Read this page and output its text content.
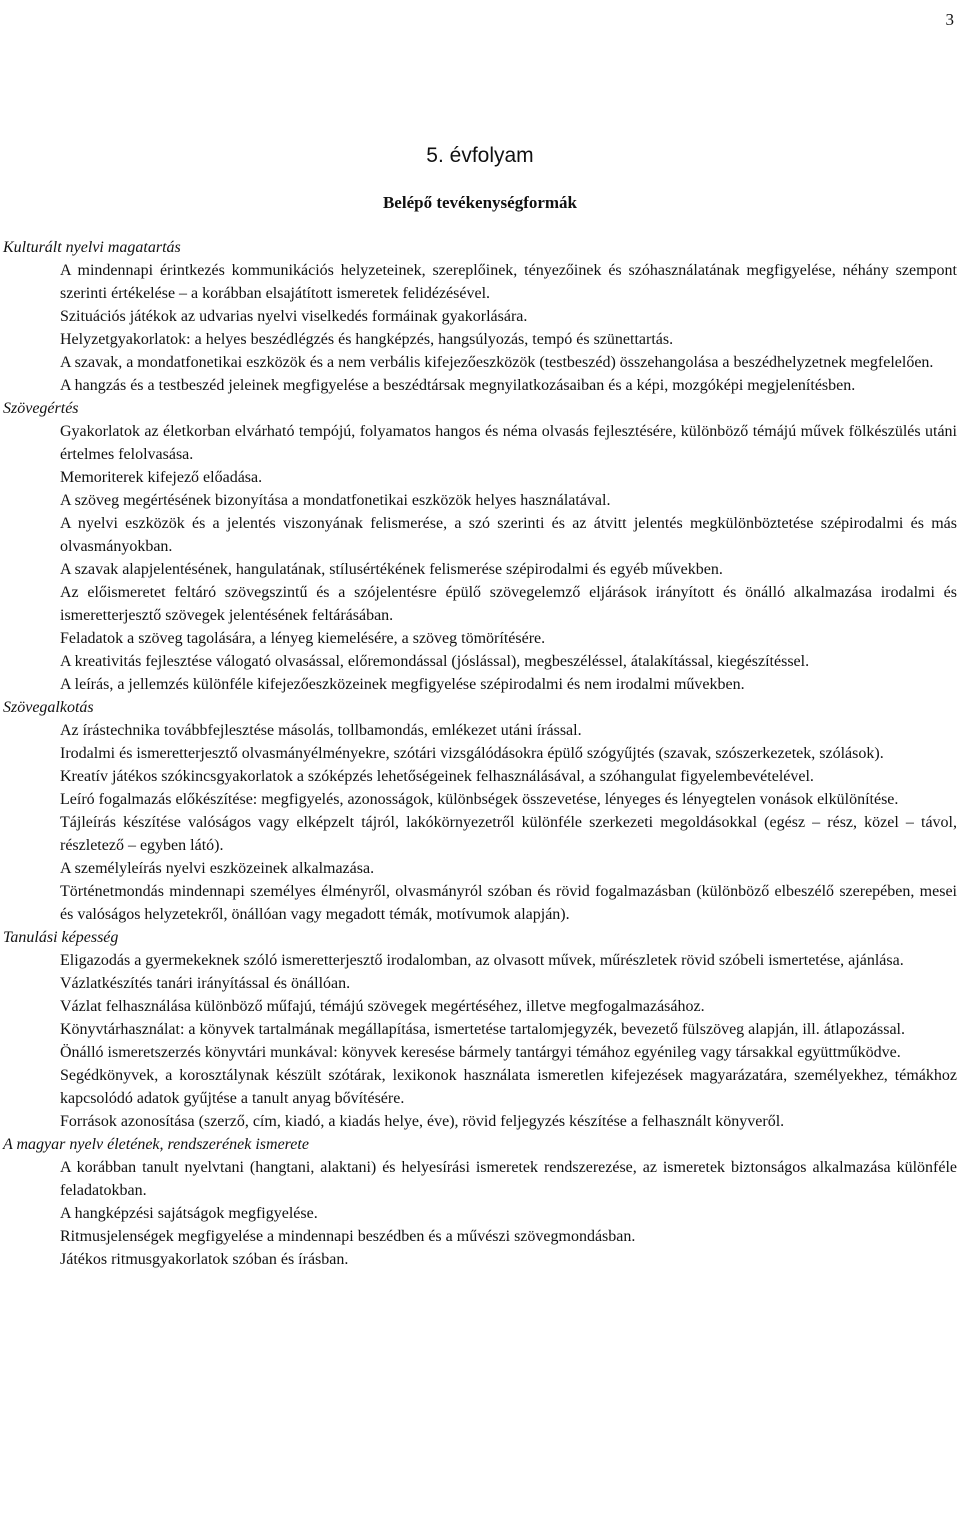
3
5. évfolyam
Belépő tevékenységformák
Kulturált nyelvi magatartás
A mindennapi érintkezés kommunikációs helyzeteinek, szereplőinek, tényezőinek és szóhasználatának megfigyelése, néhány szempont szerinti értékelése – a korábban elsajátított ismeretek felidézésével.
Szituációs játékok az udvarias nyelvi viselkedés formáinak gyakorlására.
Helyzetgyakorlatok: a helyes beszédlégzés és hangképzés, hangsúlyozás, tempó és szünettartás.
A szavak, a mondatfonetikai eszközök és a nem verbális kifejezőeszközök (testbeszéd) összehangolása a beszédhelyzetnek megfelelően.
A hangzás és a testbeszéd jeleinek megfigyelése a beszédtársak megnyilatkozásaiban és a képi, mozgóképi megjelenítésben.
Szövegértés
Gyakorlatok az életkorban elvárható tempójú, folyamatos hangos és néma olvasás fejlesztésére, különböző témájú művek fölkészülés utáni értelmes felolvasása.
Memoriterek kifejező előadása.
A szöveg megértésének bizonyítása a mondatfonetikai eszközök helyes használatával.
A nyelvi eszközök és a jelentés viszonyának felismerése, a szó szerinti és az átvitt jelentés megkülönböztetése szépirodalmi és más olvasmányokban.
A szavak alapjelentésének, hangulatának, stílusértékének felismerése szépirodalmi és egyéb művekben.
Az előismeretet feltáró szövegszintű és a szójelentésre épülő szövegelemző eljárások irányított és önálló alkalmazása irodalmi és ismeretterjesztő szövegek jelentésének feltárásában.
Feladatok a szöveg tagolására, a lényeg kiemelésére, a szöveg tömörítésére.
A kreativitás fejlesztése válogató olvasással, előremondással (jóslással), megbeszéléssel, átalakítással, kiegészítéssel.
A leírás, a jellemzés különféle kifejezőeszközeinek megfigyelése szépirodalmi és nem irodalmi művekben.
Szövegalkotás
Az írástechnika továbbfejlesztése másolás, tollbamondás, emlékezet utáni írással.
Irodalmi és ismeretterjesztő olvasmányélményekre, szótári vizsgálódásokra épülő szógyűjtés (szavak, szószerkezetek, szólások).
Kreatív játékos szókincsgyakorlatok a szóképzés lehetőségeinek felhasználásával, a szóhangulat figyelembevételével.
Leíró fogalmazás előkészítése: megfigyelés, azonosságok, különbségek összevetése, lényeges és lényegtelen vonások elkülönítése.
Tájleírás készítése valóságos vagy elképzelt tájról, lakókörnyezetről különféle szerkezeti megoldásokkal (egész – rész, közel – távol, részletező – egyben látó).
A személyleírás nyelvi eszközeinek alkalmazása.
Történetmondás mindennapi személyes élményről, olvasmányról szóban és rövid fogalmazásban (különböző elbeszélő szerepében, mesei és valóságos helyzetekről, önállóan vagy megadott témák, motívumok alapján).
Tanulási képesség
Eligazodás a gyermekeknek szóló ismeretterjesztő irodalomban, az olvasott művek, műrészletek rövid szóbeli ismertetése, ajánlása.
Vázlatkészítés tanári irányítással és önállóan.
Vázlat felhasználása különböző műfajú, témájú szövegek megértéséhez, illetve megfogalmazásához.
Könyvtárhasználat: a könyvek tartalmának megállapítása, ismertetése tartalomjegyzék, bevezető fülszöveg alapján, ill. átlapozással.
Önálló ismeretszerzés könyvtári munkával: könyvek keresése bármely tantárgyi témához egyénileg vagy társakkal együttműködve.
Segédkönyvek, a korosztálynak készült szótárak, lexikonok használata ismeretlen kifejezések magyarázatára, személyekhez, témákhoz kapcsolódó adatok gyűjtése a tanult anyag bővítésére.
Források azonosítása (szerző, cím, kiadó, a kiadás helye, éve), rövid feljegyzés készítése a felhasznált könyveről.
A magyar nyelv életének, rendszerének ismerete
A korábban tanult nyelvtani (hangtani, alaktani) és helyesírási ismeretek rendszerezése, az ismeretek biztonságos alkalmazása különféle feladatokban.
A hangképzési sajátságok megfigyelése.
Ritmusjelenségek megfigyelése a mindennapi beszédben és a művészi szövegmondásban.
Játékos ritmusgyakorlatok szóban és írásban.
